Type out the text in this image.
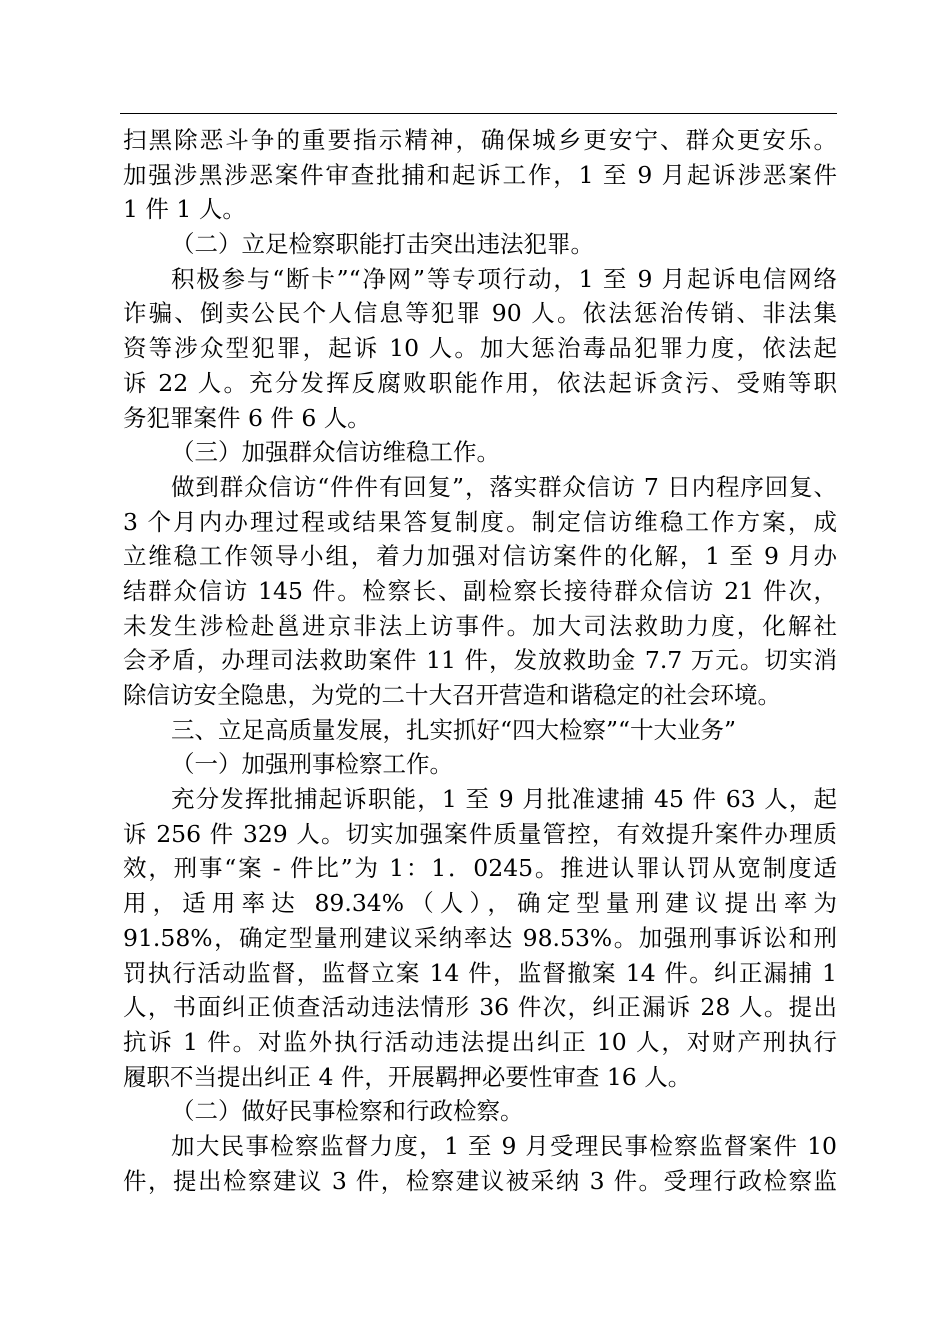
扫黑除恶斗争的重要指示精神，确保城乡更安宁、群众更安乐。
加强涉黑涉恶案件审查批捕和起诉工作，1 至 9 月起诉涉恶案件
1 件 1 人。
（二）立足检察职能打击突出违法犯罪。
积极参与“断卡”“净网”等专项行动，1 至 9 月起诉电信网络
诈骗、倒卖公民个人信息等犯罪 90 人。依法惩治传销、非法集
资等涉众型犯罪，起诉 10 人。加大惩治毒品犯罪力度，依法起
诉 22 人。充分发挥反腐败职能作用，依法起诉贪污、受贿等职
务犯罪案件 6 件 6 人。
（三）加强群众信访维稳工作。
做到群众信访“件件有回复”，落实群众信访 7 日内程序回复、
3 个月内办理过程或结果答复制度。制定信访维稳工作方案，成
立维稳工作领导小组，着力加强对信访案件的化解，1 至 9 月办
结群众信访 145 件。检察长、副检察长接待群众信访 21 件次，
未发生涉检赴邕进京非法上访事件。加大司法救助力度，化解社
会矛盾，办理司法救助案件 11 件，发放救助金 7.7 万元。切实消
除信访安全隐患，为党的二十大召开营造和谐稳定的社会环境。
三、立足高质量发展，扎实抓好“四大检察”“十大业务”
（一）加强刑事检察工作。
充分发挥批捕起诉职能，1 至 9 月批准逮捕 45 件 63 人，起
诉 256 件 329 人。切实加强案件质量管控，有效提升案件办理质
效，刑事“案 - 件比”为 1：1．0245。推进认罪认罚从宽制度适
用，适用率达 89.34%（人），确定型量刑建议提出率为
91.58%，确定型量刑建议采纳率达 98.53%。加强刑事诉讼和刑
罚执行活动监督，监督立案 14 件，监督撤案 14 件。纠正漏捕 1
人，书面纠正侦查活动违法情形 36 件次，纠正漏诉 28 人。提出
抗诉 1 件。对监外执行活动违法提出纠正 10 人，对财产刑执行
履职不当提出纠正 4 件，开展羁押必要性审查 16 人。
（二）做好民事检察和行政检察。
加大民事检察监督力度，1 至 9 月受理民事检察监督案件 10
件，提出检察建议 3 件，检察建议被采纳 3 件。受理行政检察监
